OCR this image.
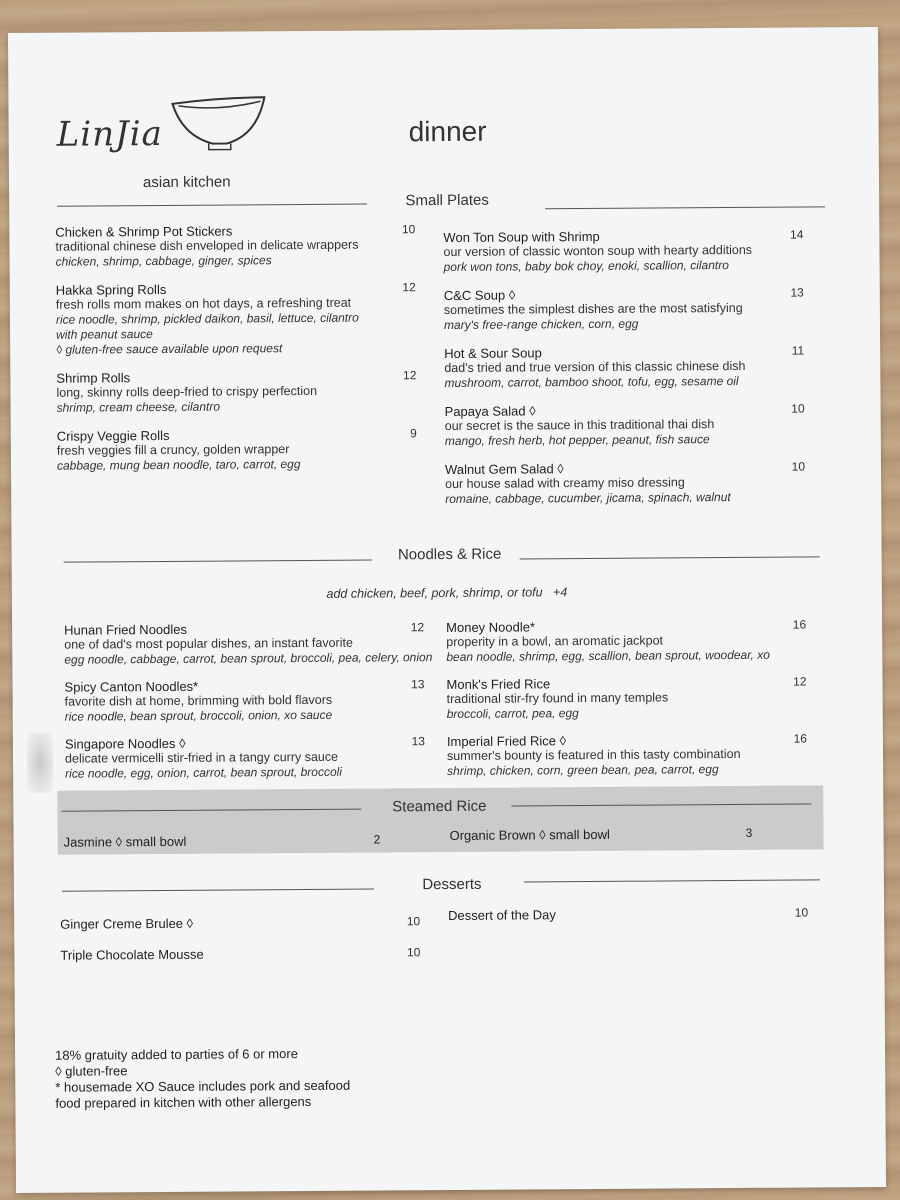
LinJia
asian kitchen
dinner
Small Plates
Chicken & Shrimp Pot Stickers	10
traditional chinese dish enveloped in delicate wrappers
chicken, shrimp, cabbage, ginger, spices
Hakka Spring Rolls	12
fresh rolls mom makes on hot days, a refreshing treat
rice noodle, shrimp, pickled daikon, basil, lettuce, cilantro
with peanut sauce
◊ gluten-free sauce available upon request
Shrimp Rolls	12
long, skinny rolls deep-fried to crispy perfection
shrimp, cream cheese, cilantro
Crispy Veggie Rolls	9
fresh veggies fill a cruncy, golden wrapper
cabbage, mung bean noodle, taro, carrot, egg
Won Ton Soup with Shrimp	14
our version of classic wonton soup with hearty additions
pork won tons, baby bok choy, enoki, scallion, cilantro
C&C Soup ◊	13
sometimes the simplest dishes are the most satisfying
mary's free-range chicken, corn, egg
Hot & Sour Soup	11
dad's tried and true version of this classic chinese dish
mushroom, carrot, bamboo shoot, tofu, egg, sesame oil
Papaya Salad ◊	10
our secret is the sauce in this traditional thai dish
mango, fresh herb, hot pepper, peanut, fish sauce
Walnut Gem Salad ◊	10
our house salad with creamy miso dressing
romaine, cabbage, cucumber, jicama, spinach, walnut
Noodles & Rice
add chicken, beef, pork, shrimp, or tofu +4
Hunan Fried Noodles	12
one of dad's most popular dishes, an instant favorite
egg noodle, cabbage, carrot, bean sprout, broccoli, pea, celery, onion
Spicy Canton Noodles*	13
favorite dish at home, brimming with bold flavors
rice noodle, bean sprout, broccoli, onion, xo sauce
Singapore Noodles ◊	13
delicate vermicelli stir-fried in a tangy curry sauce
rice noodle, egg, onion, carrot, bean sprout, broccoli
Money Noodle*	16
properity in a bowl, an aromatic jackpot
bean noodle, shrimp, egg, scallion, bean sprout, woodear, xo
Monk's Fried Rice	12
traditional stir-fry found in many temples
broccoli, carrot, pea, egg
Imperial Fried Rice ◊	16
summer's bounty is featured in this tasty combination
shrimp, chicken, corn, green bean, pea, carrot, egg
Steamed Rice
Jasmine ◊ small bowl	2	Organic Brown ◊ small bowl	3
Desserts
Ginger Creme Brulee ◊	10
Triple Chocolate Mousse	10
Dessert of the Day	10
18% gratuity added to parties of 6 or more
◊ gluten-free
* housemade XO Sauce includes pork and seafood
food prepared in kitchen with other allergens
